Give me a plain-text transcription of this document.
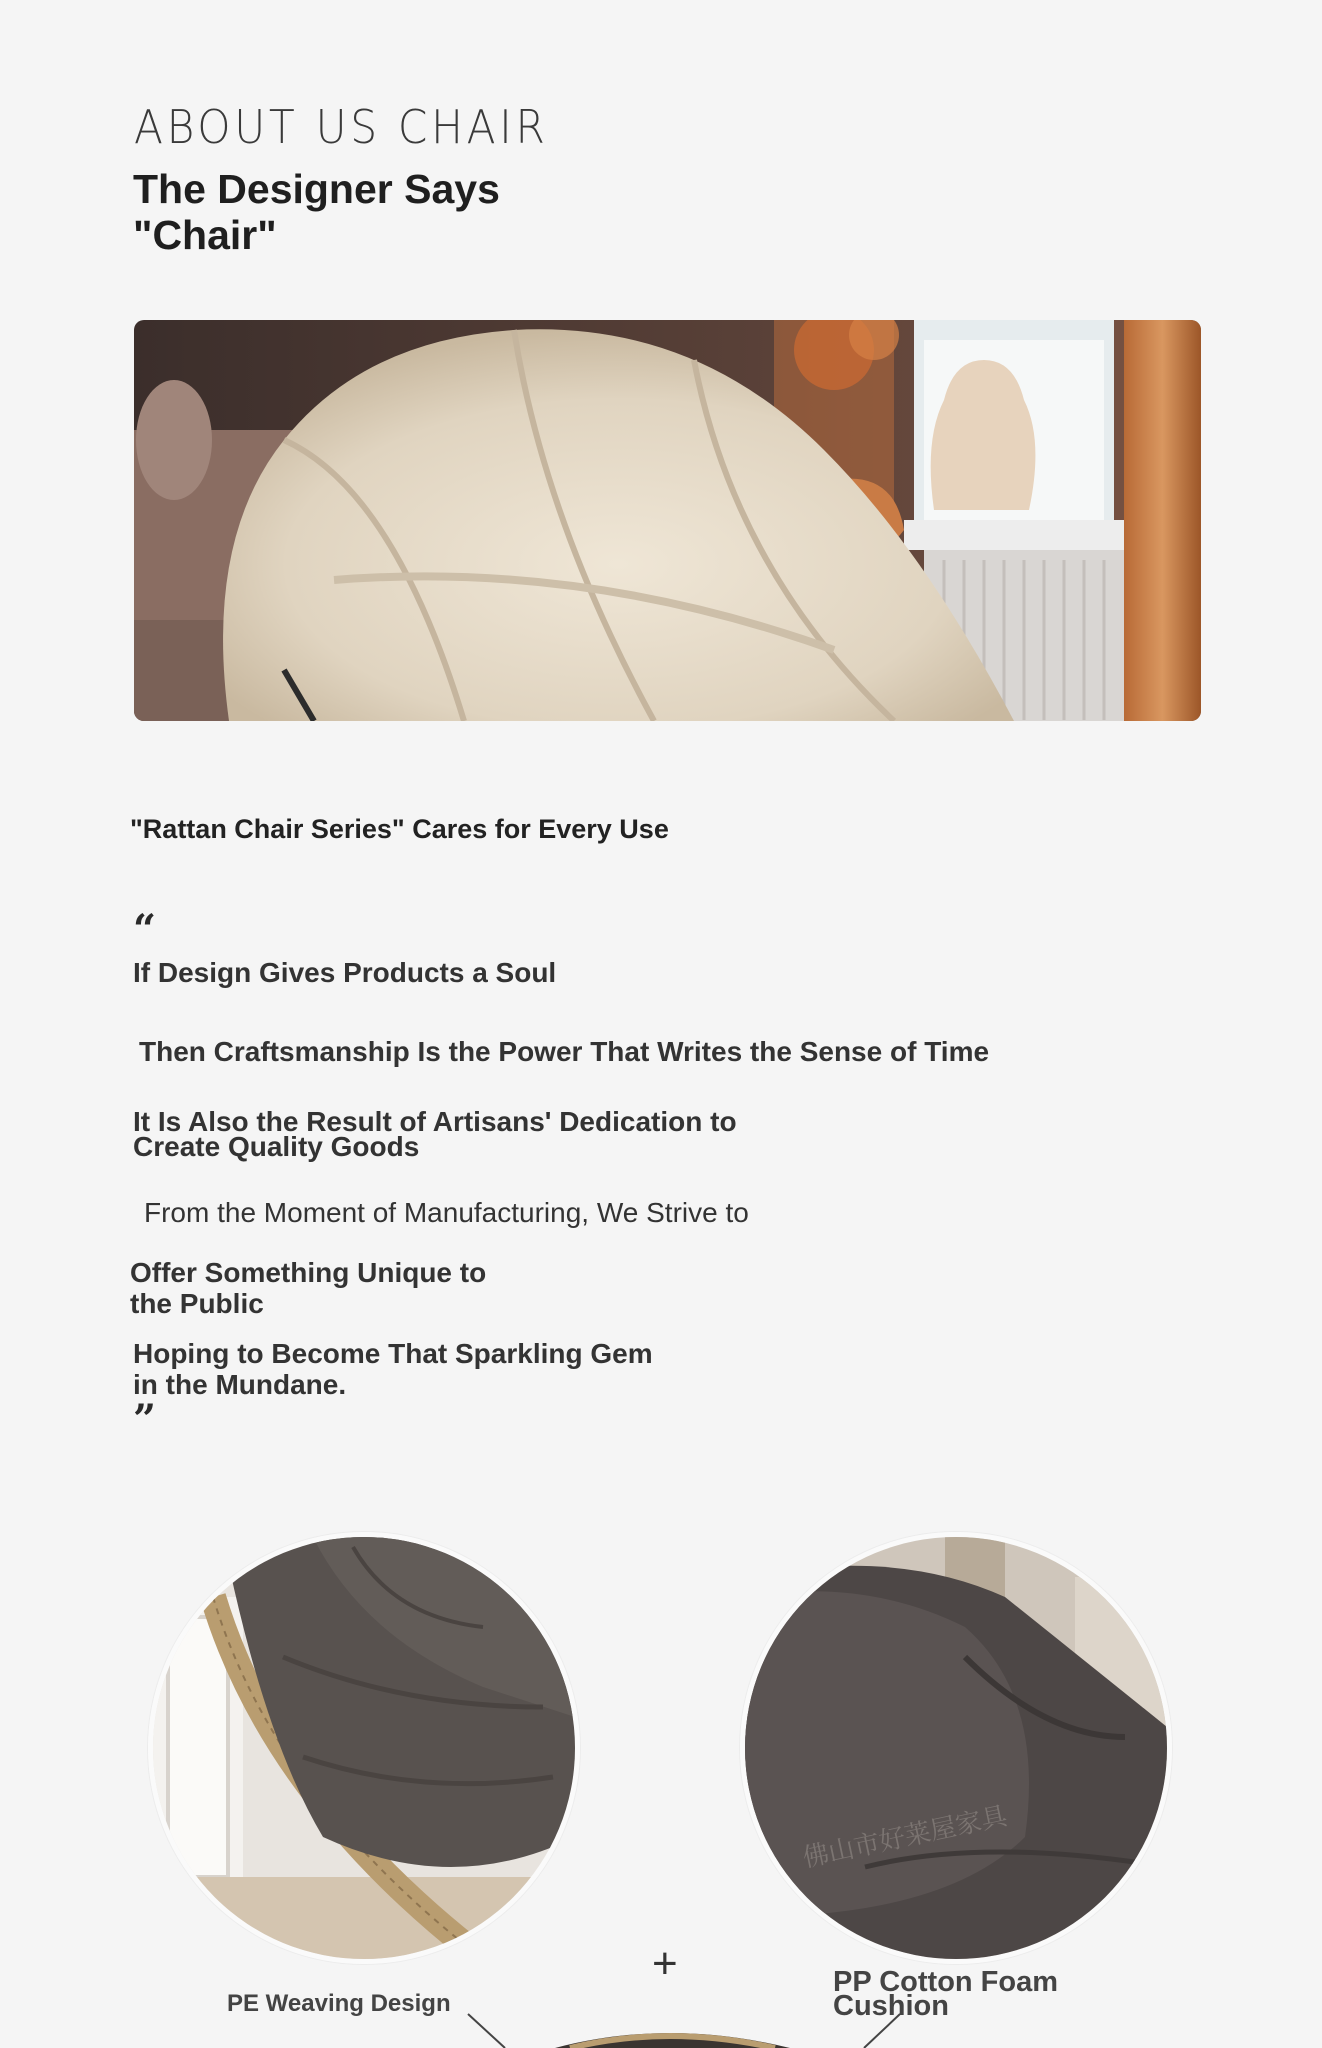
ABOUT US CHAIR
The Designer Says
"Chair"
"Rattan Chair Series" Cares for Every Use
“
If Design Gives Products a Soul
Then Craftsmanship Is the Power That Writes the Sense of Time
It Is Also the Result of Artisans' Dedication to
Create Quality Goods
From the Moment of Manufacturing, We Strive to
Offer Something Unique to
the Public
Hoping to Become That Sparkling Gem
in the Mundane.
”
佛山市好莱屋家具
+
PE Weaving Design
PP Cotton Foam
Cushion
